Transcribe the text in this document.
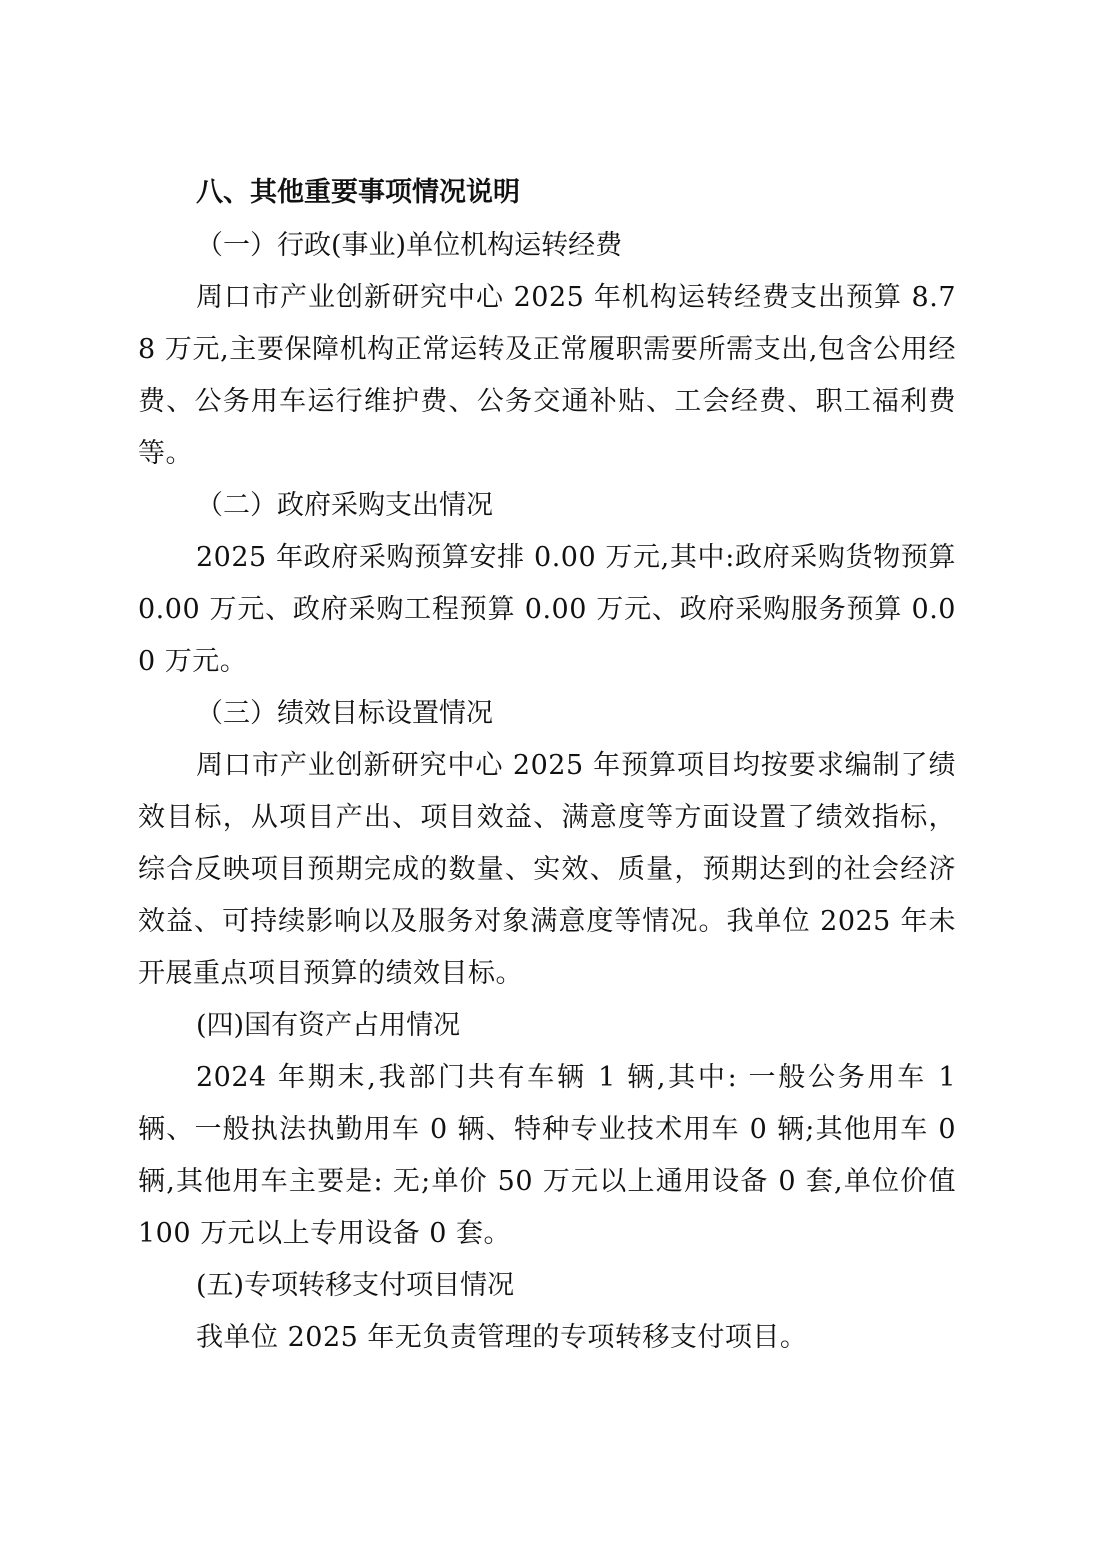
八、其他重要事项情况说明
（一）行政(事业)单位机构运转经费

周口市产业创新研究中心 2025 年机构运转经费支出预算 8.78 万元,主要保障机构正常运转及正常履职需要所需支出,包含公用经费、公务用车运行维护费、公务交通补贴、工会经费、职工福利费等。

（二）政府采购支出情况

2025 年政府采购预算安排 0.00 万元,其中:政府采购货物预算 0.00 万元、政府采购工程预算 0.00 万元、政府采购服务预算 0.00 万元。

（三）绩效目标设置情况

周口市产业创新研究中心 2025 年预算项目均按要求编制了绩效目标，从项目产出、项目效益、满意度等方面设置了绩效指标，综合反映项目预期完成的数量、实效、质量，预期达到的社会经济效益、可持续影响以及服务对象满意度等情况。我单位 2025 年未开展重点项目预算的绩效目标。

(四)国有资产占用情况

2024 年期末,我部门共有车辆 1 辆,其中: 一般公务用车 1 辆、一般执法执勤用车 0 辆、特种专业技术用车 0 辆;其他用车 0 辆,其他用车主要是: 无;单价 50 万元以上通用设备 0 套,单位价值 100 万元以上专用设备 0 套。

(五)专项转移支付项目情况

我单位 2025 年无负责管理的专项转移支付项目。
